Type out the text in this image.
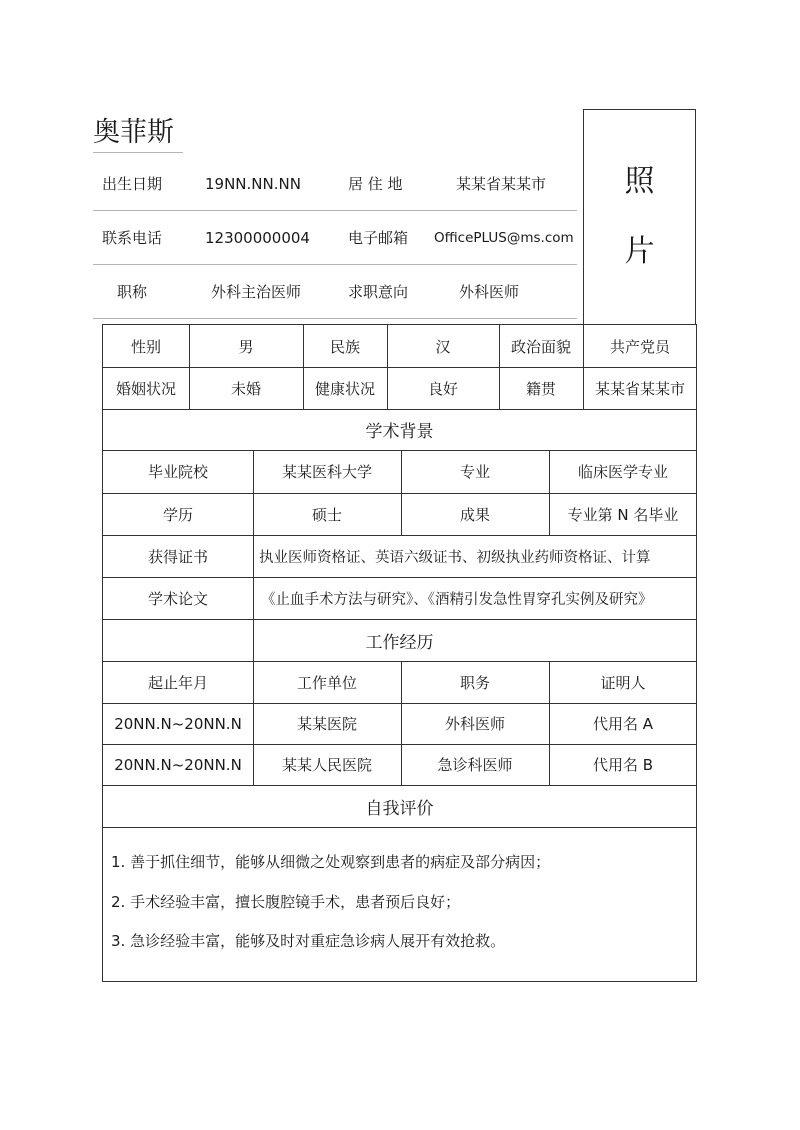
奥菲斯
出生日期	19NN.NN.NN	居 住 地	某某省某某市
联系电话	12300000004	电子邮箱 OfficePLUS@ms.com
职称	外科主治医师	求职意向	外科医师
照
片
性别	男	民族	汉	政治面貌	共产党员
婚姻状况	未婚	健康状况	良好	籍贯	某某省某某市
学术背景
毕业院校	某某医科大学	专业	临床医学专业
学历	硕士	成果	专业第 N 名毕业
获得证书	执业医师资格证、英语六级证书、初级执业药师资格证、计算
学术论文	《止血手术方法与研究》、《酒精引发急性胃穿孔实例及研究》
工作经历
起止年月	工作单位	职务	证明人
20NN.N~20NN.N	某某医院	外科医师	代用名 A
20NN.N~20NN.N	某某人民医院	急诊科医师	代用名 B
自我评价
1. 善于抓住细节，能够从细微之处观察到患者的病症及部分病因；
2. 手术经验丰富，擅长腹腔镜手术，患者预后良好；
3. 急诊经验丰富，能够及时对重症急诊病人展开有效抢救。
